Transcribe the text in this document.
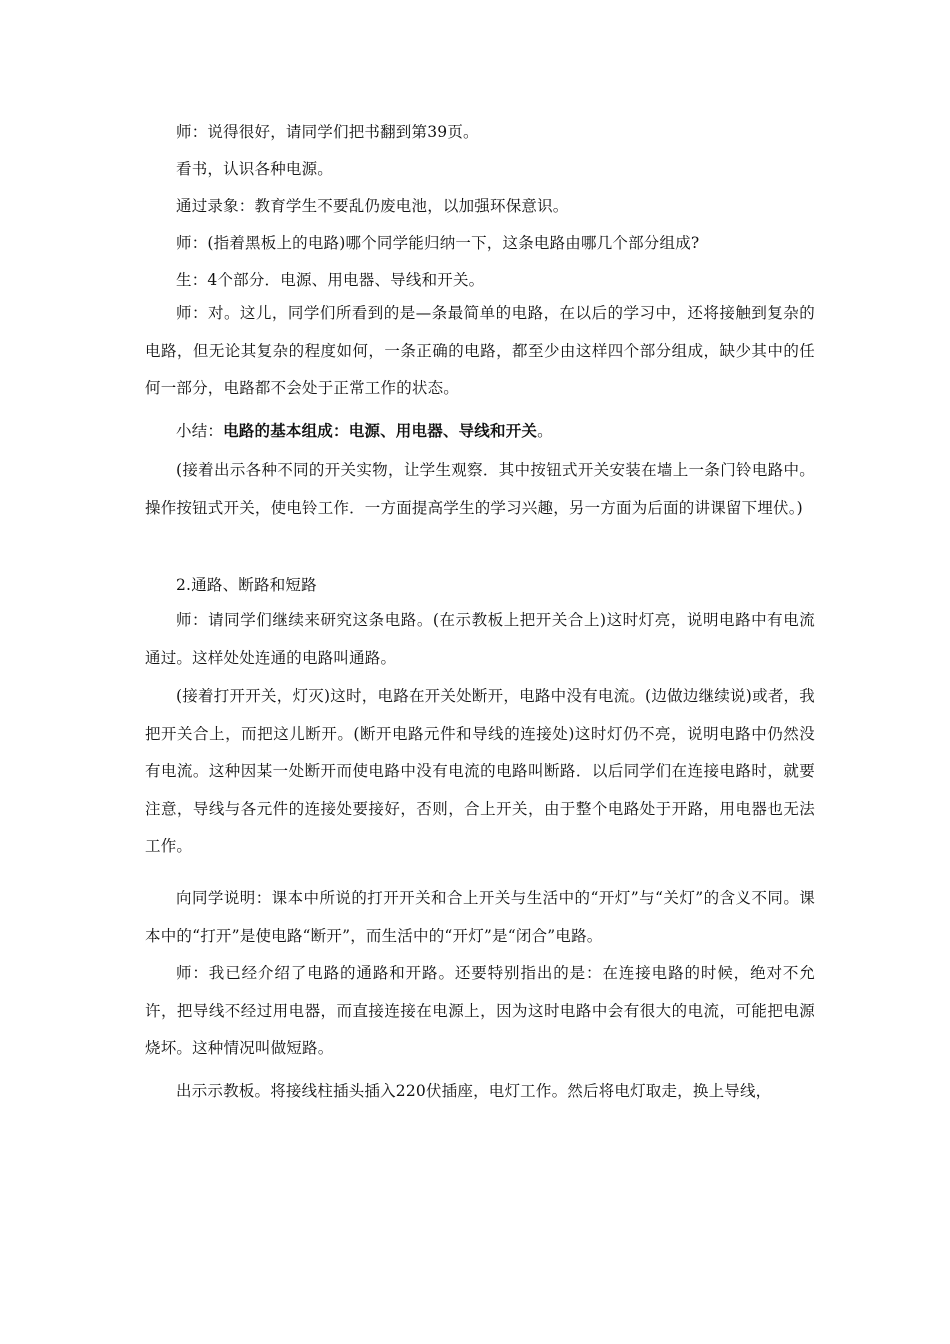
师：说得很好，请同学们把书翻到第39页。

看书，认识各种电源。

通过录象：教育学生不要乱仍废电池，以加强环保意识。

师：(指着黑板上的电路)哪个同学能归纳一下，这条电路由哪几个部分组成?

生：4个部分．电源、用电器、导线和开关。

师：对。这儿，同学们所看到的是—条最简单的电路，在以后的学习中，还将接触到复杂的电路，但无论其复杂的程度如何，一条正确的电路，都至少由这样四个部分组成，缺少其中的任何一部分，电路都不会处于正常工作的状态。

小结：电路的基本组成：电源、用电器、导线和开关。

(接着出示各种不同的开关实物，让学生观察．其中按钮式开关安装在墙上一条门铃电路中。操作按钮式开关，使电铃工作．一方面提高学生的学习兴趣，另一方面为后面的讲课留下埋伏。)

2.通路、断路和短路

师：请同学们继续来研究这条电路。(在示教板上把开关合上)这时灯亮，说明电路中有电流通过。这样处处连通的电路叫通路。

(接着打开开关，灯灭)这时，电路在开关处断开，电路中没有电流。(边做边继续说)或者，我把开关合上，而把这儿断开。(断开电路元件和导线的连接处)这时灯仍不亮，说明电路中仍然没有电流。这种因某一处断开而使电路中没有电流的电路叫断路．以后同学们在连接电路时，就要注意，导线与各元件的连接处要接好，否则，合上开关，由于整个电路处于开路，用电器也无法工作。

向同学说明：课本中所说的打开开关和合上开关与生活中的“开灯”与“关灯”的含义不同。课本中的“打开”是使电路“断开”，而生活中的“开灯”是“闭合”电路。

师：我已经介绍了电路的通路和开路。还要特别指出的是：在连接电路的时候，绝对不允许，把导线不经过用电器，而直接连接在电源上，因为这时电路中会有很大的电流，可能把电源烧坏。这种情况叫做短路。

出示示教板。将接线柱插头插入220伏插座，电灯工作。然后将电灯取走，换上导线，
